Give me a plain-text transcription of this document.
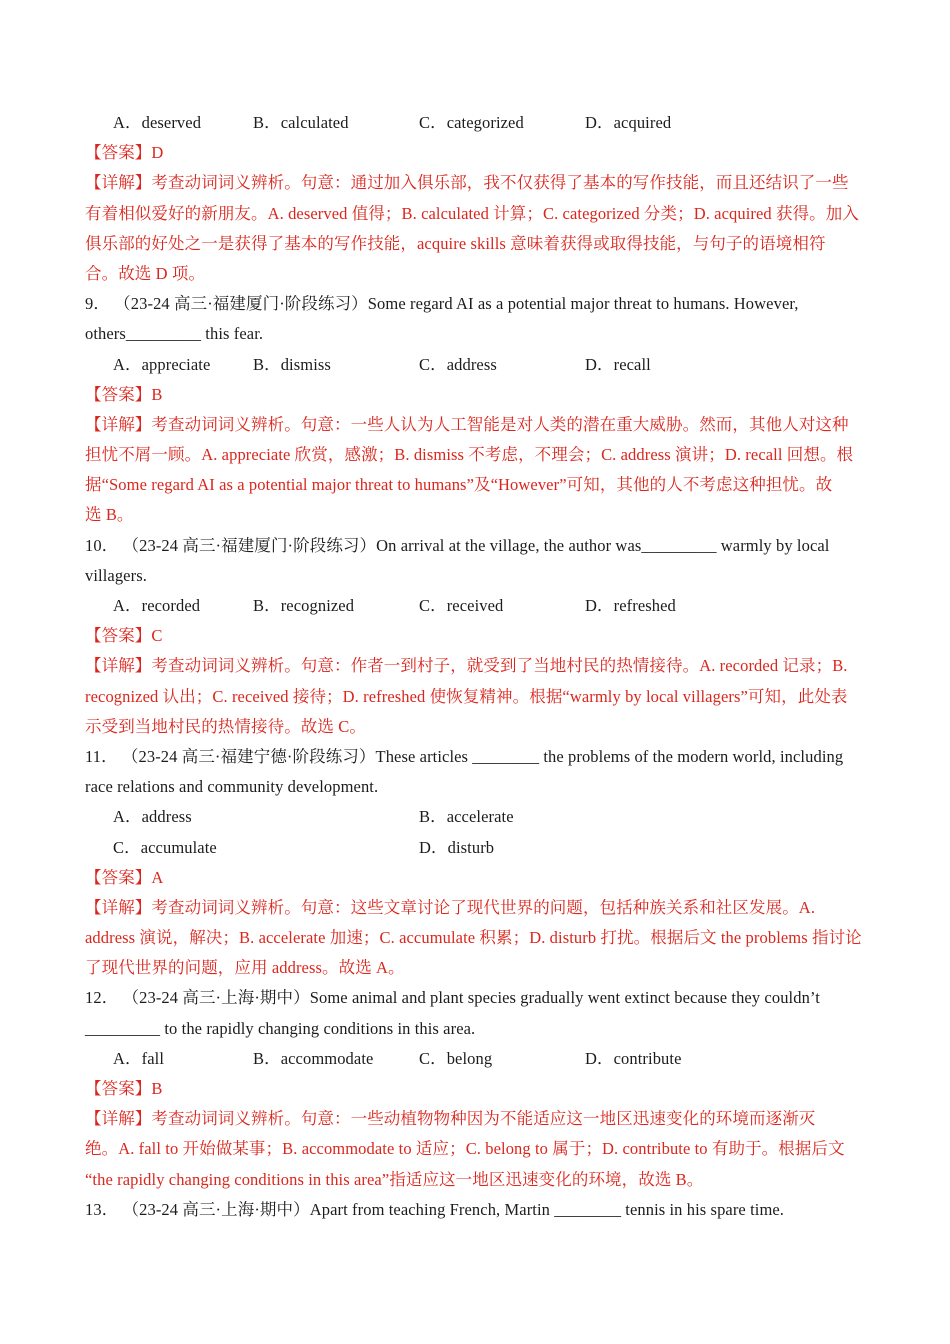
A．deserved	B．calculated	C．categorized	D．acquired
【答案】D
【详解】考查动词词义辨析。句意：通过加入俱乐部，我不仅获得了基本的写作技能，而且还结识了一些
有着相似爱好的新朋友。A. deserved 值得；B. calculated 计算；C. categorized 分类；D. acquired 获得。加入
俱乐部的好处之一是获得了基本的写作技能，acquire skills 意味着获得或取得技能，与句子的语境相符
合。故选 D 项。
9． （23-24 高三·福建厦门·阶段练习）Some regard AI as a potential major threat to humans. However,
others_________ this fear.
A．appreciate	B．dismiss	C．address	D．recall
【答案】B
【详解】考查动词词义辨析。句意：一些人认为人工智能是对人类的潜在重大威胁。然而，其他人对这种
担忧不屑一顾。A. appreciate 欣赏，感激；B. dismiss 不考虑，不理会；C. address 演讲；D. recall 回想。根
据“Some regard AI as a potential major threat to humans”及“However”可知，其他的人不考虑这种担忧。故
选 B。
10． （23-24 高三·福建厦门·阶段练习）On arrival at the village, the author was_________ warmly by local
villagers.
A．recorded	B．recognized	C．received	D．refreshed
【答案】C
【详解】考查动词词义辨析。句意：作者一到村子，就受到了当地村民的热情接待。A. recorded 记录；B.
recognized 认出；C. received 接待；D. refreshed 使恢复精神。根据“warmly by local villagers”可知，此处表
示受到当地村民的热情接待。故选 C。
11． （23-24 高三·福建宁德·阶段练习）These articles ________ the problems of the modern world, including
race relations and community development.
A．address	B．accelerate
C．accumulate	D．disturb
【答案】A
【详解】考查动词词义辨析。句意：这些文章讨论了现代世界的问题，包括种族关系和社区发展。A.
address 演说，解决；B. accelerate 加速；C. accumulate 积累；D. disturb 打扰。根据后文 the problems 指讨论
了现代世界的问题，应用 address。故选 A。
12． （23-24 高三·上海·期中）Some animal and plant species gradually went extinct because they couldn’t
_________ to the rapidly changing conditions in this area.
A．fall	B．accommodate	C．belong	D．contribute
【答案】B
【详解】考查动词词义辨析。句意：一些动植物物种因为不能适应这一地区迅速变化的环境而逐渐灭
绝。A. fall to 开始做某事；B. accommodate to 适应；C. belong to 属于；D. contribute to 有助于。根据后文
“the rapidly changing conditions in this area”指适应这一地区迅速变化的环境，故选 B。
13． （23-24 高三·上海·期中）Apart from teaching French, Martin ________ tennis in his spare time.
